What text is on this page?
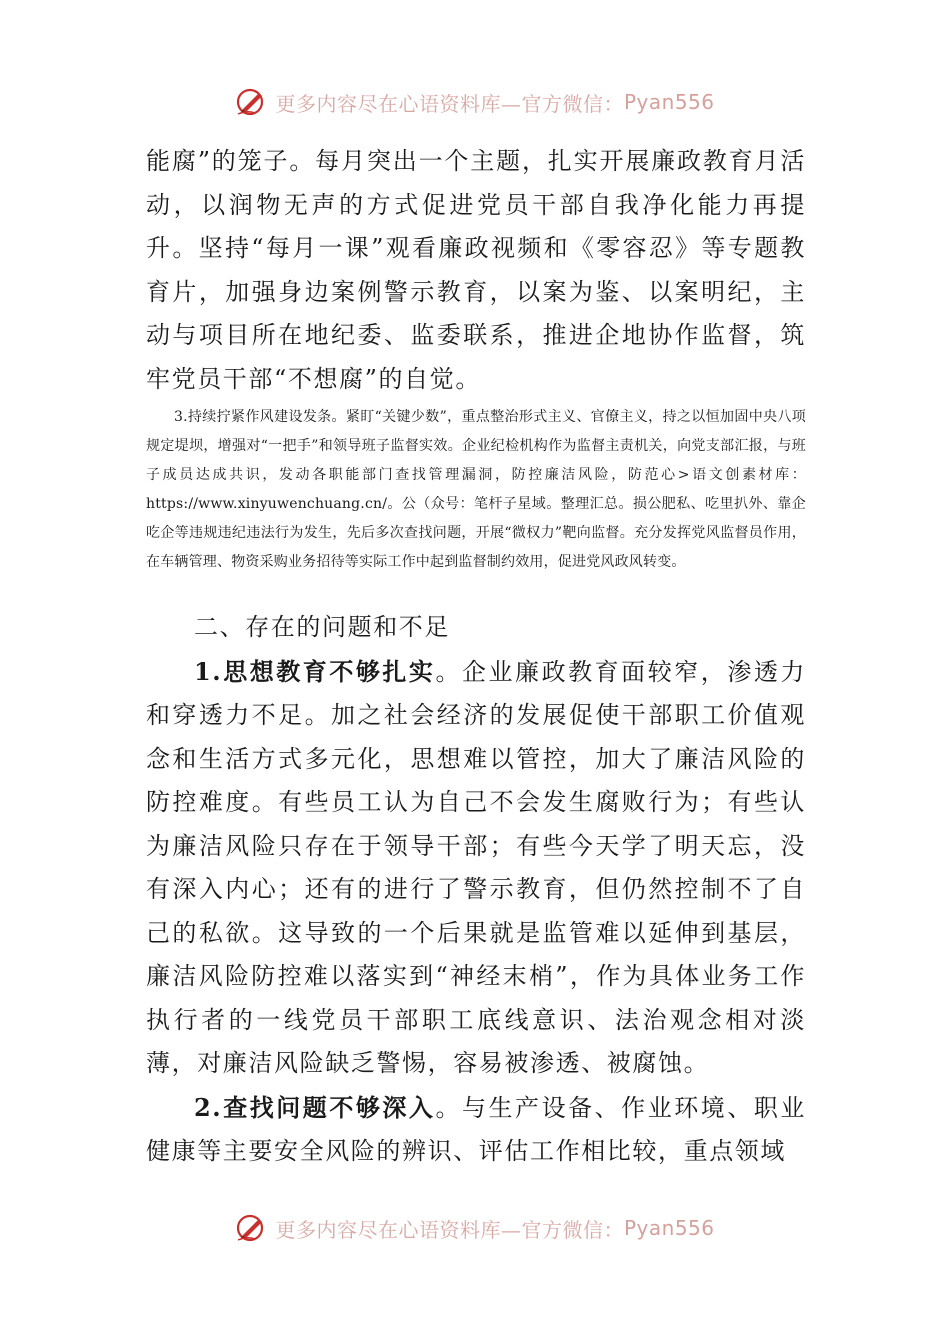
更多内容尽在心语资料库—官方微信： Pyan556

能腐”的笼子。每月突出一个主题，扎实开展廉政教育月活动，以润物无声的方式促进党员干部自我净化能力再提升。坚持“每月一课”观看廉政视频和《零容忍》等专题教育片，加强身边案例警示教育，以案为鉴、以案明纪，主动与项目所在地纪委、监委联系，推进企地协作监督，筑牢党员干部“不想腐”的自觉。

3.持续拧紧作风建设发条。紧盯“关键少数”，重点整治形式主义、官僚主义，持之以恒加固中央八项规定堤坝，增强对“一把手”和领导班子监督实效。企业纪检机构作为监督主责机关，向党支部汇报，与班子成员达成共识，发动各职能部门查找管理漏洞，防控廉洁风险，防范心>语文创素材库：https://www.xinyuwenchuang.cn/。公（众号：笔杆子星域。整理汇总。损公肥私、吃里扒外、靠企吃企等违规违纪违法行为发生，先后多次查找问题，开展“微权力”靶向监督。充分发挥党风监督员作用，在车辆管理、物资采购业务招待等实际工作中起到监督制约效用，促进党风政风转变。

二、存在的问题和不足

1.思想教育不够扎实。企业廉政教育面较窄，渗透力和穿透力不足。加之社会经济的发展促使干部职工价值观念和生活方式多元化，思想难以管控，加大了廉洁风险的防控难度。有些员工认为自己不会发生腐败行为；有些认为廉洁风险只存在于领导干部；有些今天学了明天忘，没有深入内心；还有的进行了警示教育，但仍然控制不了自己的私欲。这导致的一个后果就是监管难以延伸到基层，廉洁风险防控难以落实到“神经末梢”，作为具体业务工作执行者的一线党员干部职工底线意识、法治观念相对淡薄，对廉洁风险缺乏警惕，容易被渗透、被腐蚀。

2.查找问题不够深入。与生产设备、作业环境、职业健康等主要安全风险的辨识、评估工作相比较，重点领域

更多内容尽在心语资料库—官方微信： Pyan556
